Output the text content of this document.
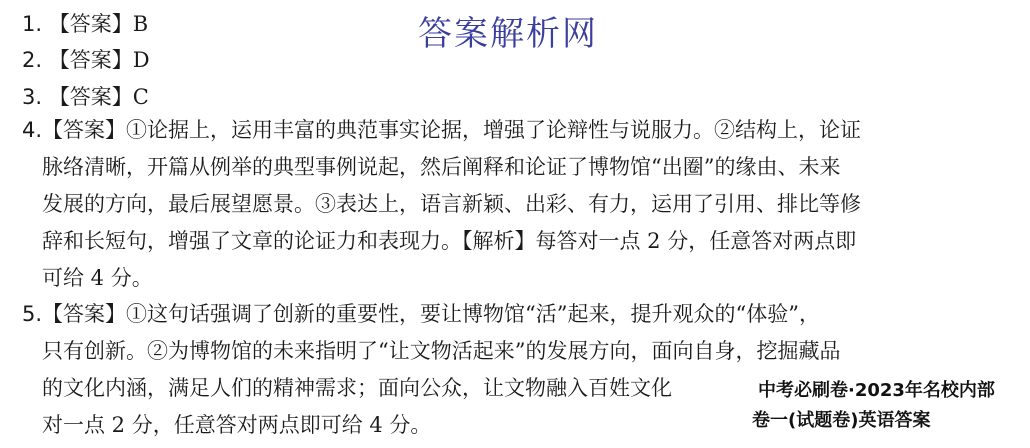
答案解析网
1. 【答案】B
2. 【答案】D
3. 【答案】C
4.【答案】①论据上，运用丰富的典范事实论据，增强了论辩性与说服力。②结构上，论证
脉络清晰，开篇从例举的典型事例说起，然后阐释和论证了博物馆“出圈”的缘由、未来
发展的方向，最后展望愿景。③表达上，语言新颖、出彩、有力，运用了引用、排比等修
辞和长短句，增强了文章的论证力和表现力。【解析】每答对一点 2 分，任意答对两点即
可给 4 分。
5.【答案】①这句话强调了创新的重要性，要让博物馆“活”起来，提升观众的“体验”，
只有创新。②为博物馆的未来指明了“让文物活起来”的发展方向，面向自身，挖掘藏品
的文化内涵，满足人们的精神需求；面向公众，让文物融入百姓文化
对一点 2 分，任意答对两点即可给 4 分。
中考必刷卷·2023年名校内部
卷一(试题卷)英语答案
